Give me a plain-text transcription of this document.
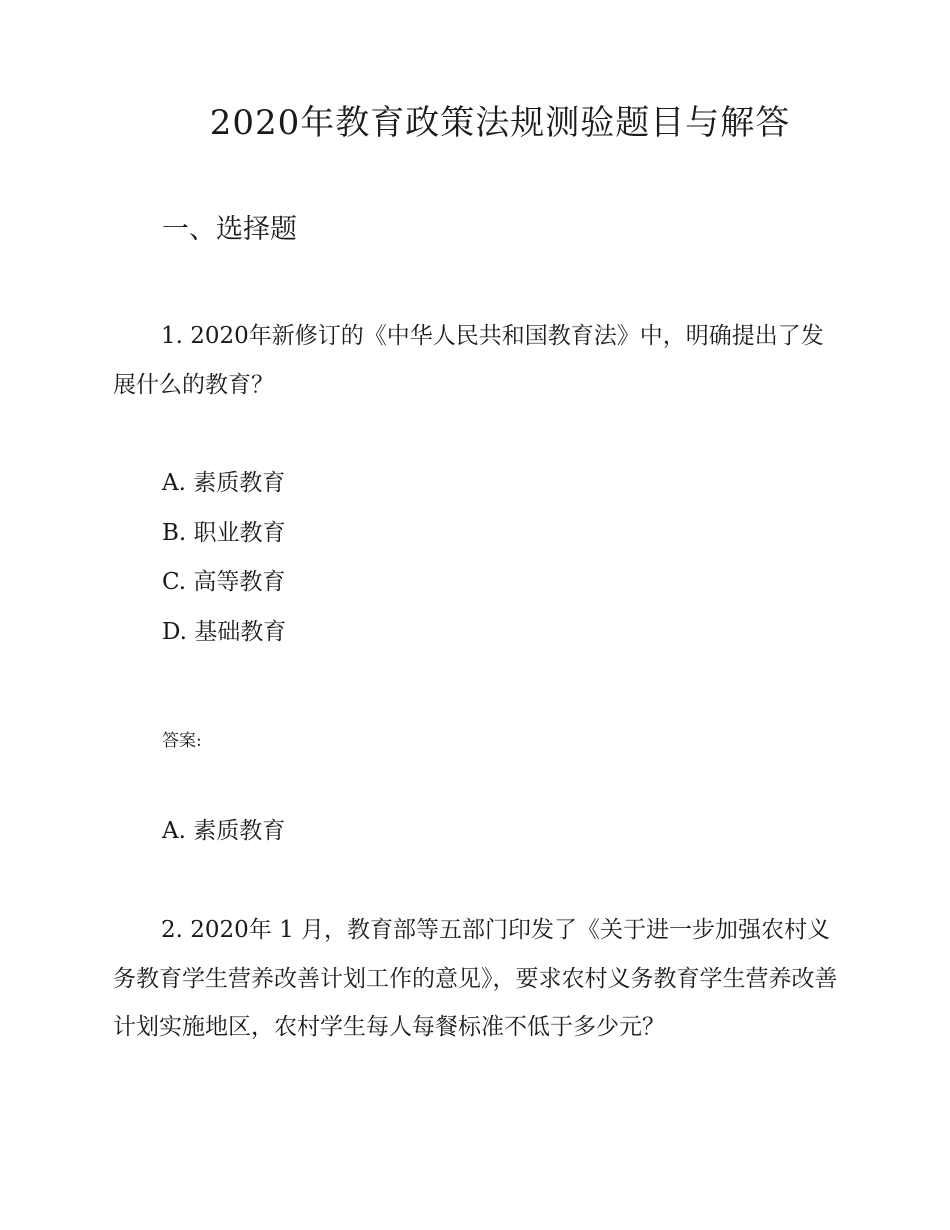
2020年教育政策法规测验题目与解答
一、选择题

1. 2020年新修订的《中华人民共和国教育法》中，明确提出了发展什么的教育？

A. 素质教育
B. 职业教育
C. 高等教育
D. 基础教育
答案:
A. 素质教育

2. 2020年 1 月，教育部等五部门印发了《关于进一步加强农村义务教育学生营养改善计划工作的意见》，要求农村义务教育学生营养改善计划实施地区，农村学生每人每餐标准不低于多少元？
